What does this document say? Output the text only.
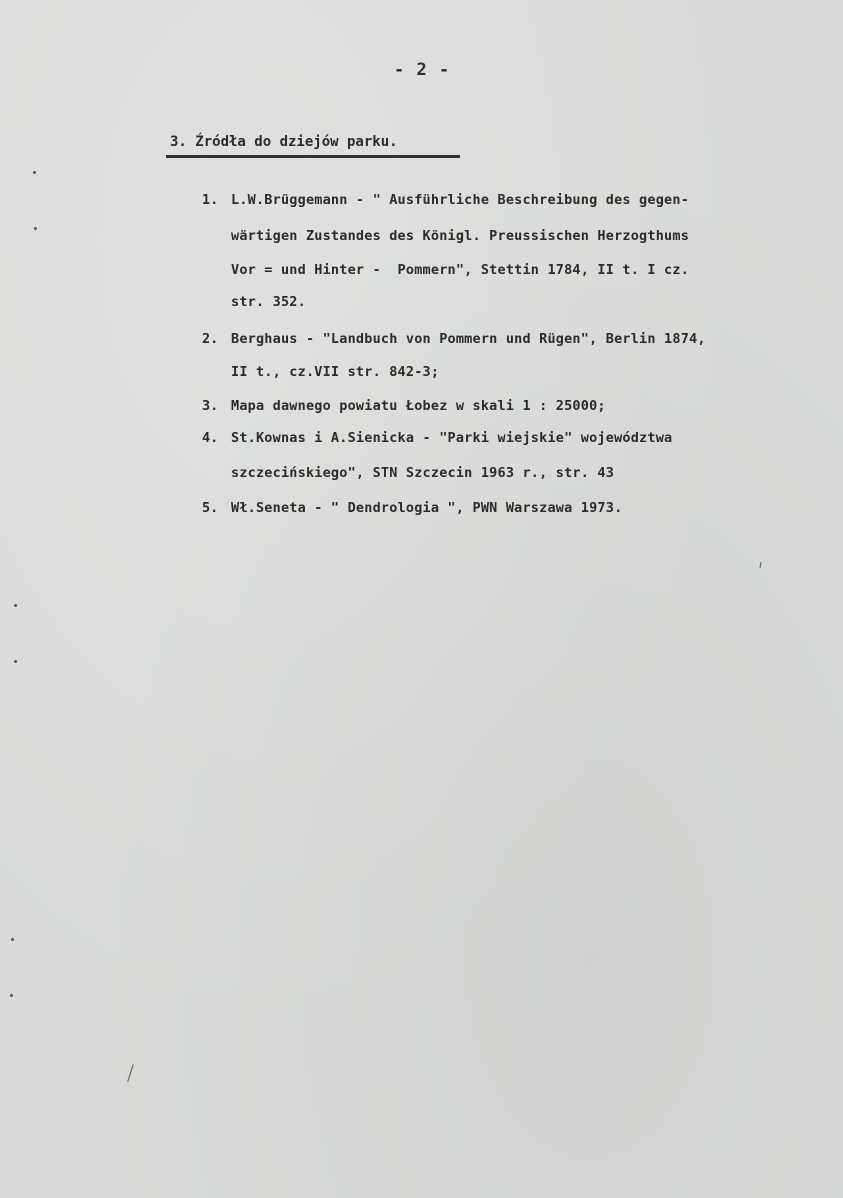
- 2 -
3. Źródła do dziejów parku.
1. L.W.Brüggemann - " Ausführliche Beschreibung des gegen-
wärtigen Zustandes des Königl. Preussischen Herzogthums
Vor = und Hinter -  Pommern", Stettin 1784, II t. I cz.
str. 352.
2. Berghaus - "Landbuch von Pommern und Rügen", Berlin 1874,
II t., cz.VII str. 842-3;
3. Mapa dawnego powiatu Łobez w skali 1 : 25000;
4. St.Kownas i A.Sienicka - "Parki wiejskie" województwa
szczecińskiego", STN Szczecin 1963 r., str. 43
5. Wł.Seneta - " Dendrologia ", PWN Warszawa 1973.
